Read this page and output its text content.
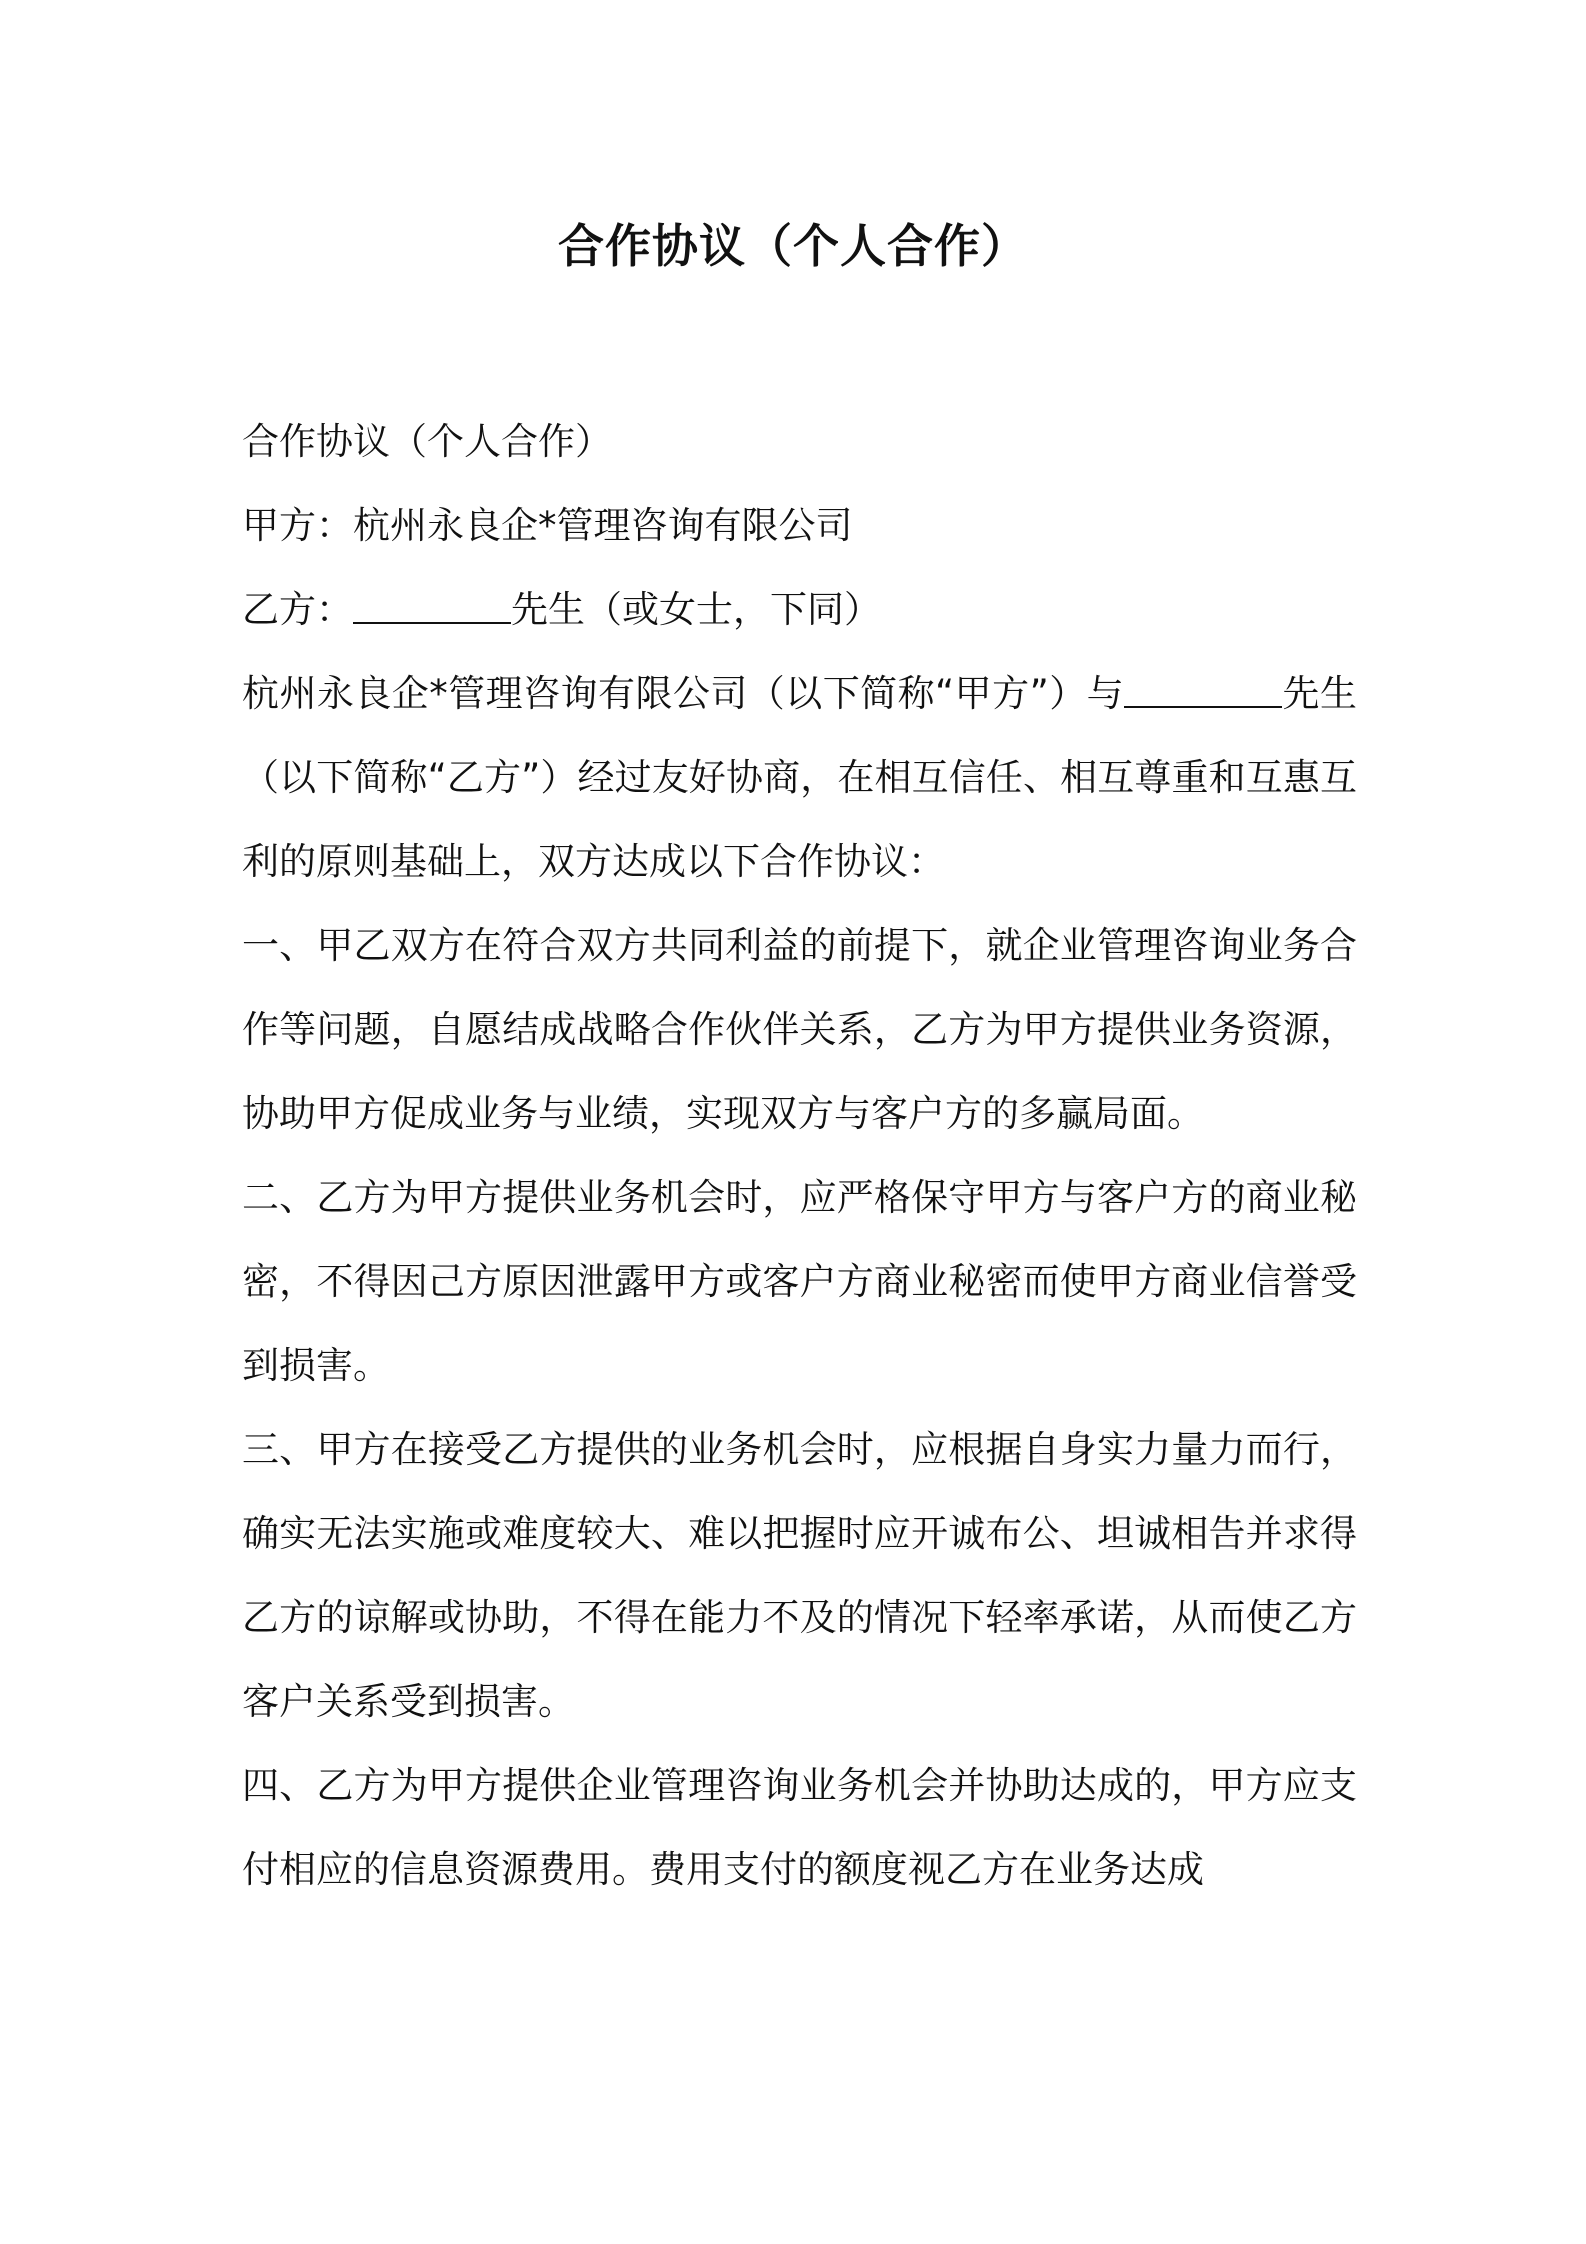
合作协议（个人合作）

合作协议（个人合作）

甲方：杭州永良企*管理咨询有限公司

乙方：	先生（或女士，下同）

杭州永良企*管理咨询有限公司（以下简称“甲方”）与	先生（以下简称“乙方”）经过友好协商，在相互信任、相互尊重和互惠互利的原则基础上，双方达成以下合作协议：

一、甲乙双方在符合双方共同利益的前提下，就企业管理咨询业务合作等问题，自愿结成战略合作伙伴关系，乙方为甲方提供业务资源，协助甲方促成业务与业绩，实现双方与客户方的多赢局面。

二、乙方为甲方提供业务机会时，应严格保守甲方与客户方的商业秘密，不得因己方原因泄露甲方或客户方商业秘密而使甲方商业信誉受到损害。

三、甲方在接受乙方提供的业务机会时，应根据自身实力量力而行，确实无法实施或难度较大、难以把握时应开诚布公、坦诚相告并求得乙方的谅解或协助，不得在能力不及的情况下轻率承诺，从而使乙方客户关系受到损害。

四、乙方为甲方提供企业管理咨询业务机会并协助达成的，甲方应支付相应的信息资源费用。费用支付的额度视乙方在业务达成
